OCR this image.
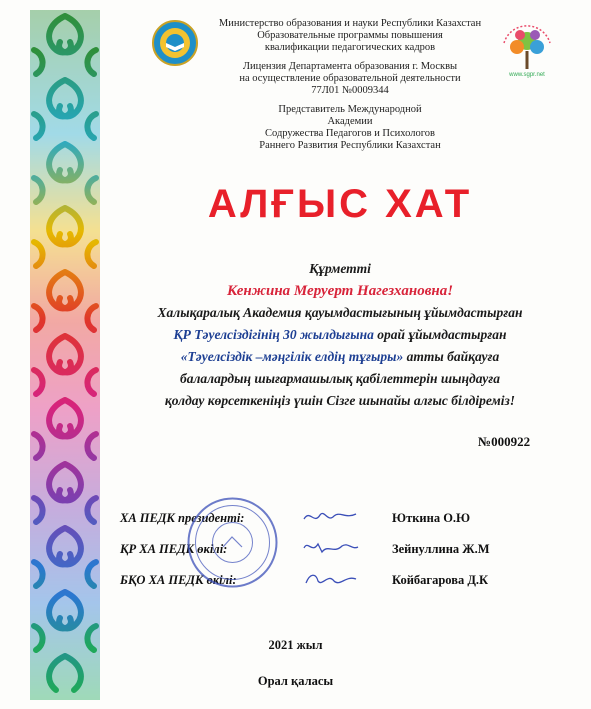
www.sgpr.net

Министерство образования и науки Республики Казахстан

Образовательные программы повышения

квалификации педагогических кадров

Лицензия Департамента образования г. Москвы

на осуществление образовательной деятельности

77Л01 №0009344

Представитель Международной

Академии

Содружества Педагогов и Психологов

Раннего Развития Республики Казахстан

АЛҒЫС ХАТ

Құрметті

Кенжина Меруерт Нагезхановна!

Халықаралық Академия қауымдастығының ұйымдастырған

ҚР Тәуелсіздігінің 30 жылдығына орай ұйымдастырған

«Тәуелсіздік –мәңгілік елдің тұғыры» атты байқауға

балалардың шығармашылық қабілеттерін шыңдауға

қолдау көрсеткеніңіз үшін Сізге шынайы алғыс білдіреміз!

№000922
ХА ПЕДК президенті:	Юткина О.Ю
ҚР ХА ПЕДК өкілі:	Зейнуллина Ж.М
БҚО ХА ПЕДК өкілі:	Койбагарова Д.К
2021 жыл
Орал қаласы
